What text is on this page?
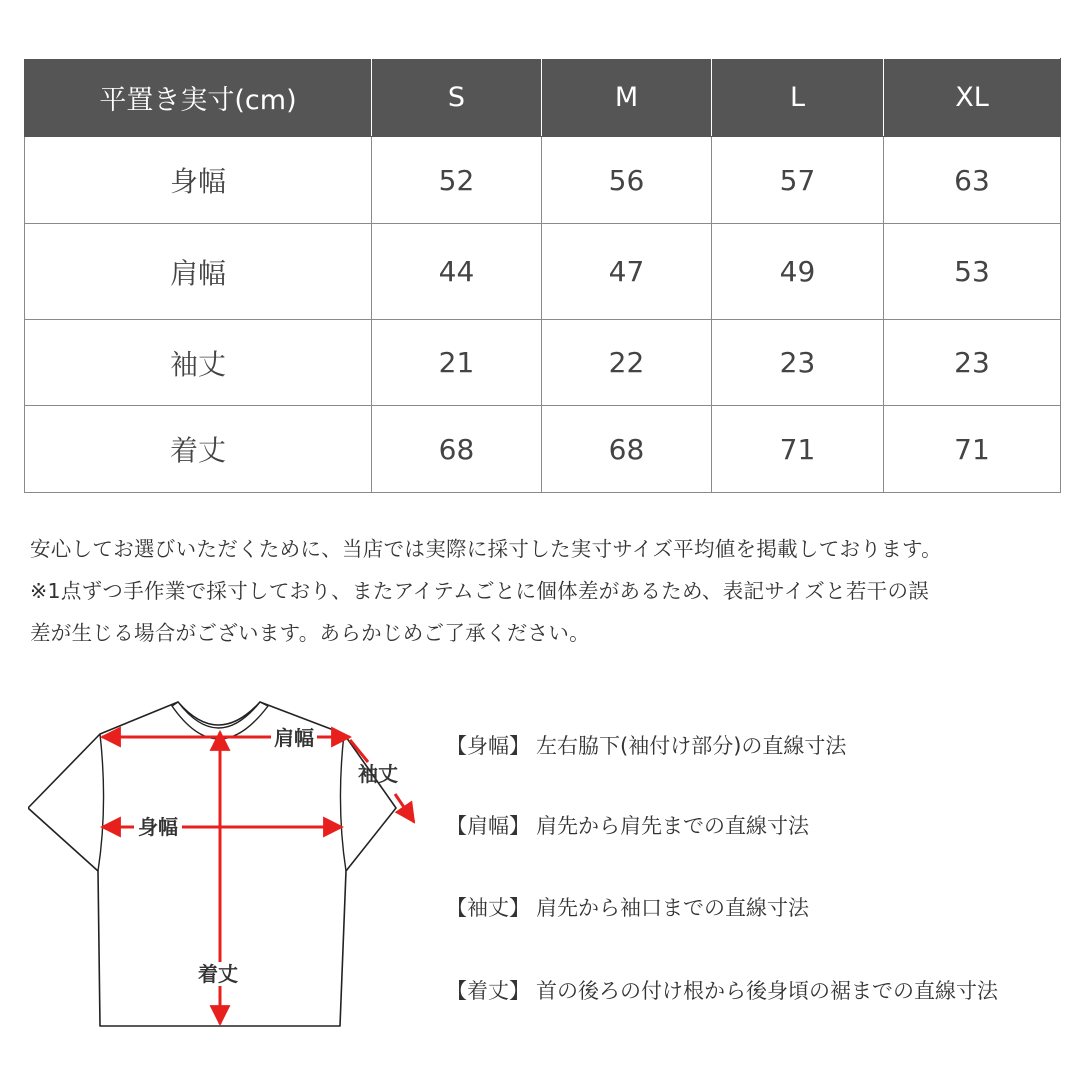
平置き実寸(cm)	S	M	L	XL
身幅	52	56	57	63
肩幅	44	47	49	53
袖丈	21	22	23	23
着丈	68	68	71	71

安心してお選びいただくために、当店では実際に採寸した実寸サイズ平均値を掲載しております。

※1点ずつ手作業で採寸しており、またアイテムごとに個体差があるため、表記サイズと若干の誤

差が生じる場合がございます。あらかじめご了承ください。

肩幅
袖丈
身幅
着丈
【身幅】 左右脇下(袖付け部分)の直線寸法
【肩幅】 肩先から肩先までの直線寸法
【袖丈】 肩先から袖口までの直線寸法
【着丈】 首の後ろの付け根から後身頃の裾までの直線寸法
